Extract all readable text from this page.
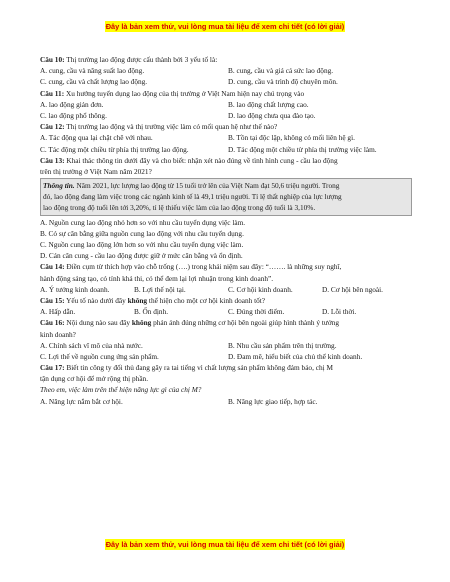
Đây là bản xem thử, vui lòng mua tài liệu để xem chi tiết (có lời giải)
Câu 10: Thị trường lao động được cấu thành bởi 3 yếu tố là:
A. cung, cầu và năng suất lao động.	B. cung, cầu và giá cả sức lao động.
C. cung, cầu và chất lượng lao động.	D. cung, cầu và trình độ chuyên môn.
Câu 11: Xu hướng tuyển dụng lao động của thị trường ở Việt Nam hiện nay chú trọng vào
A. lao động giản đơn.	B. lao động chất lượng cao.
C. lao động phổ thông.	D. lao động chưa qua đào tạo.
Câu 12: Thị trường lao động và thị trường việc làm có mối quan hệ như thế nào?
A. Tác động qua lại chặt chẽ với nhau.	B. Tồn tại độc lập, không có mối liên hệ gì.
C. Tác động một chiều từ phía thị trường lao động.	D. Tác động một chiều từ phía thị trường việc làm.
Câu 13: Khai thác thông tin dưới đây và cho biết: nhận xét nào đúng về tình hình cung - cầu lao động
trên thị trường ở Việt Nam năm 2021?
Thông tin. Năm 2021, lực lượng lao động từ 15 tuổi trở lên của Việt Nam đạt 50,6 triệu người. Trong
đó, lao động đang làm việc trong các ngành kinh tế là 49,1 triệu người. Tỉ lệ thất nghiệp của lực lượng
lao động trong độ tuổi lên tới 3,20%, tỉ lệ thiếu việc làm của lao động trong độ tuổi là 3,10%.
A. Nguồn cung lao động nhỏ hơn so với nhu cầu tuyển dụng việc làm.
B. Có sự cân bằng giữa nguồn cung lao động với nhu cầu tuyển dụng.
C. Nguồn cung lao động lớn hơn so với nhu cầu tuyển dụng việc làm.
D. Cán cân cung - cầu lao động được giữ ở mức cân bằng và ổn định.
Câu 14: Điền cụm từ thích hợp vào chỗ trống (….) trong khái niệm sau đây: “……. là những suy nghĩ,
hành động sáng tạo, có tính khả thi, có thể đem lại lợi nhuận trong kinh doanh”.
A. Ý tưởng kinh doanh.	B. Lợi thế nội tại.	C. Cơ hội kinh doanh.	D. Cơ hội bên ngoài.
Câu 15: Yếu tố nào dưới đây không thể hiện cho một cơ hội kinh doanh tốt?
A. Hấp dẫn.	B. Ổn định.	C. Đúng thời điểm.	D. Lỗi thời.
Câu 16: Nội dung nào sau đây không phản ánh đúng những cơ hội bên ngoài giúp hình thành ý tưởng
kinh doanh?
A. Chính sách vĩ mô của nhà nước.	B. Nhu cầu sản phẩm trên thị trường.
C. Lợi thế về nguồn cung ứng sản phẩm.	D. Đam mê, hiểu biết của chủ thể kinh doanh.
Câu 17: Biết tin công ty đối thủ đang gây ra tai tiếng vì chất lượng sản phẩm không đảm bảo, chị M
tận dụng cơ hội để mở rộng thị phần.
Theo em, việc làm trên thể hiện năng lực gì của chị M?
A. Năng lực nắm bắt cơ hội.	B. Năng lực giao tiếp, hợp tác.
Đây là bản xem thử, vui lòng mua tài liệu để xem chi tiết (có lời giải)
